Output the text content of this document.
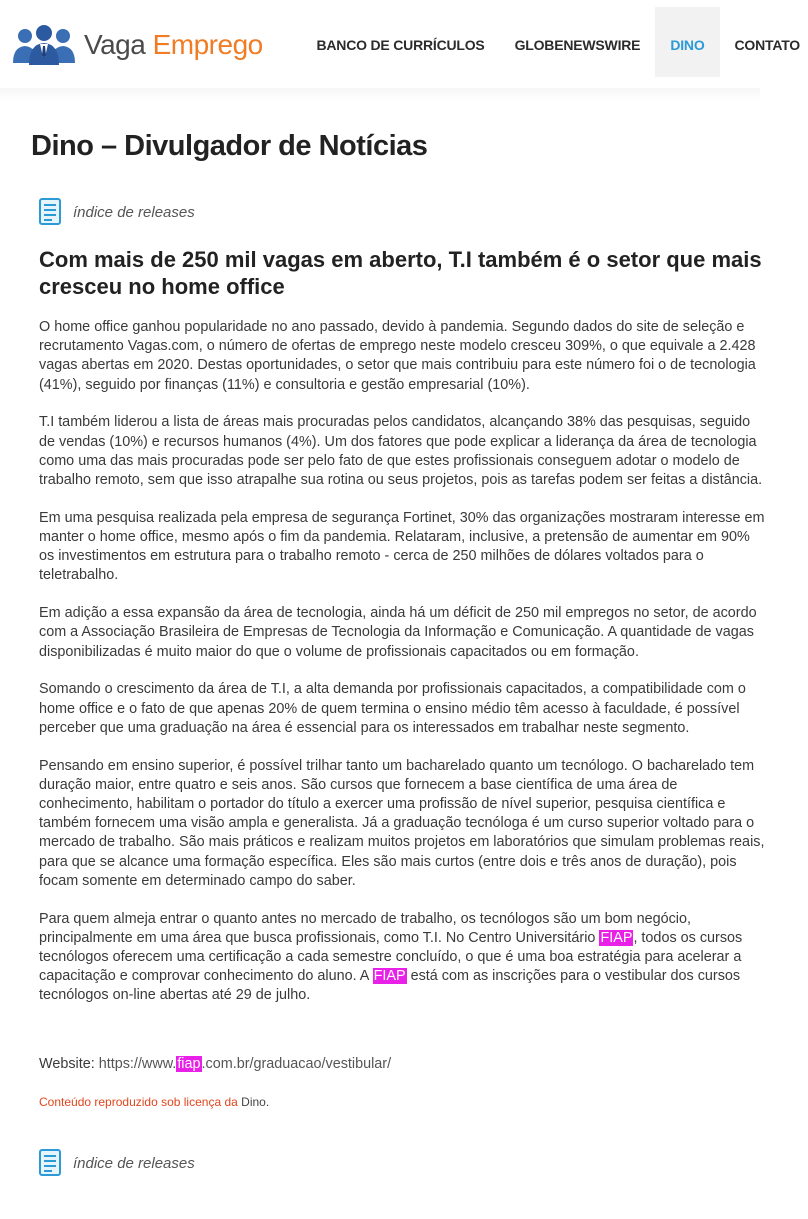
Vaga Emprego	BANCO DE CURRÍCULOS	GLOBENEWSWIRE	DINO	CONTATO
Dino – Divulgador de Notícias
índice de releases
Com mais de 250 mil vagas em aberto, T.I também é o setor que mais cresceu no home office

O home office ganhou popularidade no ano passado, devido à pandemia. Segundo dados do site de seleção e recrutamento Vagas.com, o número de ofertas de emprego neste modelo cresceu 309%, o que equivale a 2.428 vagas abertas em 2020. Destas oportunidades, o setor que mais contribuiu para este número foi o de tecnologia (41%), seguido por finanças (11%) e consultoria e gestão empresarial (10%).

T.I também liderou a lista de áreas mais procuradas pelos candidatos, alcançando 38% das pesquisas, seguido de vendas (10%) e recursos humanos (4%). Um dos fatores que pode explicar a liderança da área de tecnologia como uma das mais procuradas pode ser pelo fato de que estes profissionais conseguem adotar o modelo de trabalho remoto, sem que isso atrapalhe sua rotina ou seus projetos, pois as tarefas podem ser feitas a distância.

Em uma pesquisa realizada pela empresa de segurança Fortinet, 30% das organizações mostraram interesse em manter o home office, mesmo após o fim da pandemia. Relataram, inclusive, a pretensão de aumentar em 90% os investimentos em estrutura para o trabalho remoto - cerca de 250 milhões de dólares voltados para o teletrabalho.

Em adição a essa expansão da área de tecnologia, ainda há um déficit de 250 mil empregos no setor, de acordo com a Associação Brasileira de Empresas de Tecnologia da Informação e Comunicação. A quantidade de vagas disponibilizadas é muito maior do que o volume de profissionais capacitados ou em formação.

Somando o crescimento da área de T.I, a alta demanda por profissionais capacitados, a compatibilidade com o home office e o fato de que apenas 20% de quem termina o ensino médio têm acesso à faculdade, é possível perceber que uma graduação na área é essencial para os interessados em trabalhar neste segmento.

Pensando em ensino superior, é possível trilhar tanto um bacharelado quanto um tecnólogo. O bacharelado tem duração maior, entre quatro e seis anos. São cursos que fornecem a base científica de uma área de conhecimento, habilitam o portador do título a exercer uma profissão de nível superior, pesquisa científica e também fornecem uma visão ampla e generalista. Já a graduação tecnóloga é um curso superior voltado para o mercado de trabalho. São mais práticos e realizam muitos projetos em laboratórios que simulam problemas reais, para que se alcance uma formação específica. Eles são mais curtos (entre dois e três anos de duração), pois focam somente em determinado campo do saber.

Para quem almeja entrar o quanto antes no mercado de trabalho, os tecnólogos são um bom negócio, principalmente em uma área que busca profissionais, como T.I. No Centro Universitário FIAP, todos os cursos tecnólogos oferecem uma certificação a cada semestre concluído, o que é uma boa estratégia para acelerar a capacitação e comprovar conhecimento do aluno. A FIAP está com as inscrições para o vestibular dos cursos tecnólogos on-line abertas até 29 de julho.

Website: https://www.fiap.com.br/graduacao/vestibular/
Conteúdo reproduzido sob licença da Dino.
índice de releases
